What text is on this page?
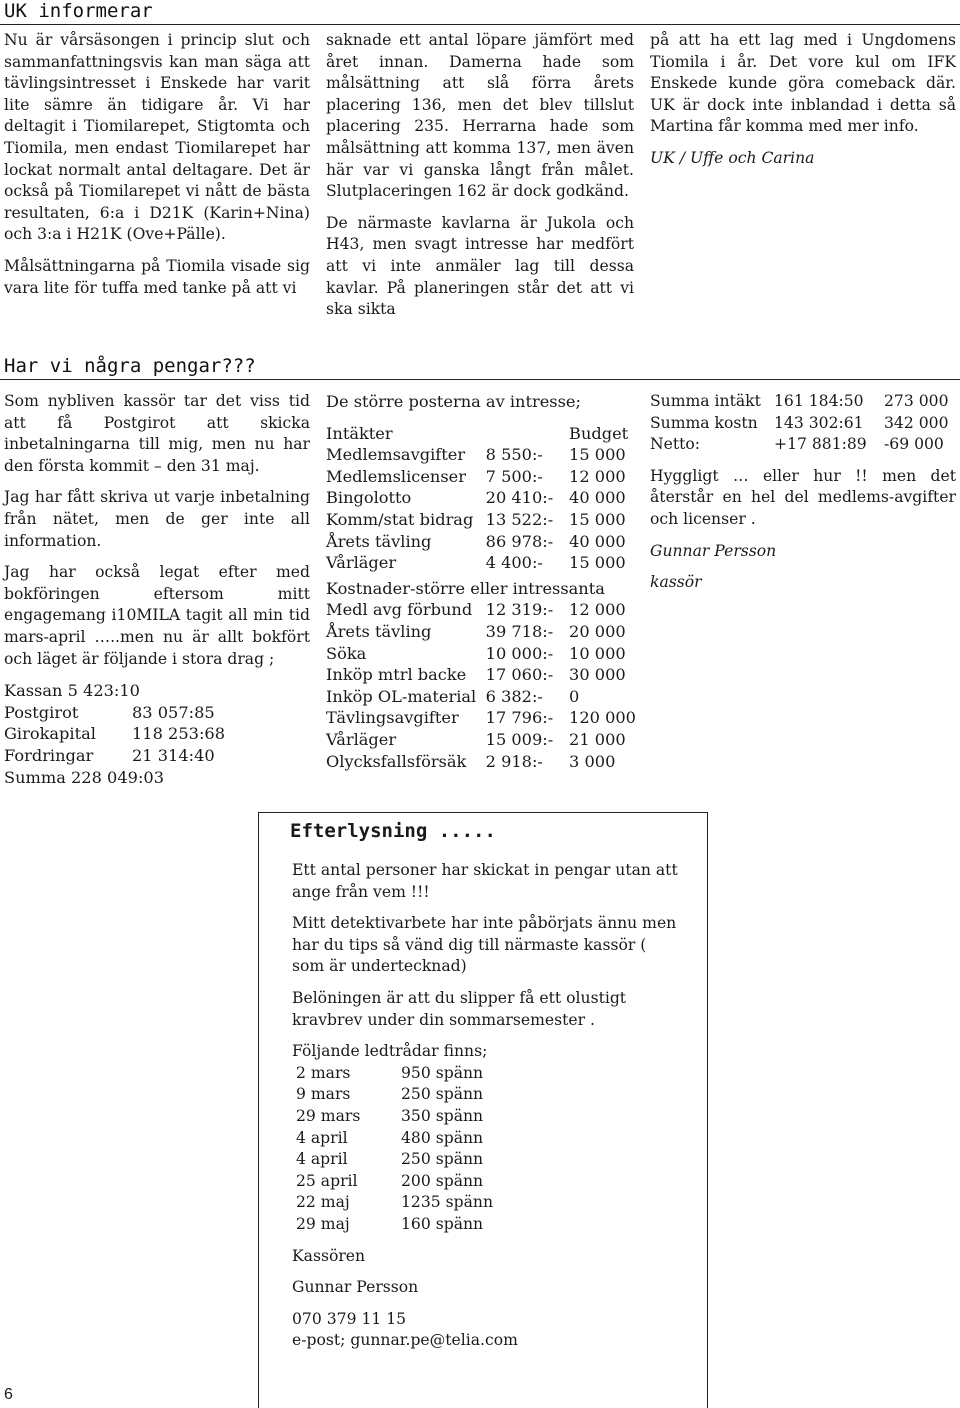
UK informerar

Nu är vårsäsongen i princip slut och sammanfattningsvis kan man säga att tävlingsintresset i Enskede har varit lite sämre än tidigare år. Vi har deltagit i Tiomilarepet, Stigtomta och Tiomila, men endast Tiomilarepet har lockat normalt antal deltagare. Det är också på Tiomilarepet vi nått de bästa resultaten, 6:a i D21K (Karin+Nina) och 3:a i H21K (Ove+Pälle).

Målsättningarna på Tiomila visade sig vara lite för tuffa med tanke på att vi

saknade ett antal löpare jämfört med året innan. Damerna hade som målsättning att slå förra årets placering 136, men det blev tillslut placering 235. Herrarna hade som målsättning att komma 137, men även här var vi ganska långt från målet. Slutplaceringen 162 är dock godkänd.

De närmaste kavlarna är Jukola och H43, men svagt intresse har medfört att vi inte anmäler lag till dessa kavlar. På planeringen står det att vi ska sikta

på att ha ett lag med i Ungdomens Tiomila i år. Det vore kul om IFK Enskede kunde göra comeback där. UK är dock inte inblandad i detta så Martina får komma med mer info.

UK / Uffe och Carina

Har vi några pengar???

Som nybliven kassör tar det viss tid att få Postgirot att skicka inbetalningarna till mig, men nu har den första kommit – den 31 maj.

Jag har fått skriva ut varje inbetalning från nätet, men de ger inte all information.

Jag har också legat efter med bokföringen eftersom mitt engagemang i10MILA tagit all min tid mars-april …..men nu är allt bokfört och läget är följande i stora drag ;

Kassan 5 423:10	
Postgirot	83 057:85
Girokapital	118 253:68
Fordringar	21 314:40
Summa 228 049:03	

De större posterna av intresse;

Intäkter		Budget
Medlemsavgifter	8 550:-	15 000
Medlemslicenser	7 500:-	12 000
Bingolotto	20 410:-	40 000
Komm/stat bidrag	13 522:-	15 000
Årets tävling	86 978:-	40 000
Vårläger	4 400:-	15 000
Kostnader-större eller intressanta		
Medl avg förbund	12 319:-	12 000
Årets tävling	39 718:-	20 000
Söka	10 000:-	10 000
Inköp mtrl backe	17 060:-	30 000
Inköp OL-material	6 382:-	0
Tävlingsavgifter	17 796:-	120 000
Vårläger	15 009:-	21 000
Olycksfallsförsäk	2 918:-	3 000
Summa intäkt	161 184:50	273 000
Summa kostn	143 302:61	342 000
Netto:	+17 881:89	-69 000

Hyggligt … eller hur !! men det återstår en hel del medlems-avgifter och licenser .

Gunnar Persson

kassör

Efterlysning .....

Ett antal personer har skickat in pengar utan att ange från vem !!!

Mitt detektivarbete har inte påbörjats ännu men har du tips så vänd dig till närmaste kassör ( som är undertecknad)

Belöningen är att du slipper få ett olustigt kravbrev under din sommarsemester .

Följande ledtrådar finns;
2 mars	950 spänn
9 mars	250 spänn
29 mars	350 spänn
4 april	480 spänn
4 april	250 spänn
25 april	200 spänn
22 maj	1235 spänn
29 maj	160 spänn
Kassören
Gunnar Persson
070 379 11 15
e-post; gunnar.pe@telia.com
6
